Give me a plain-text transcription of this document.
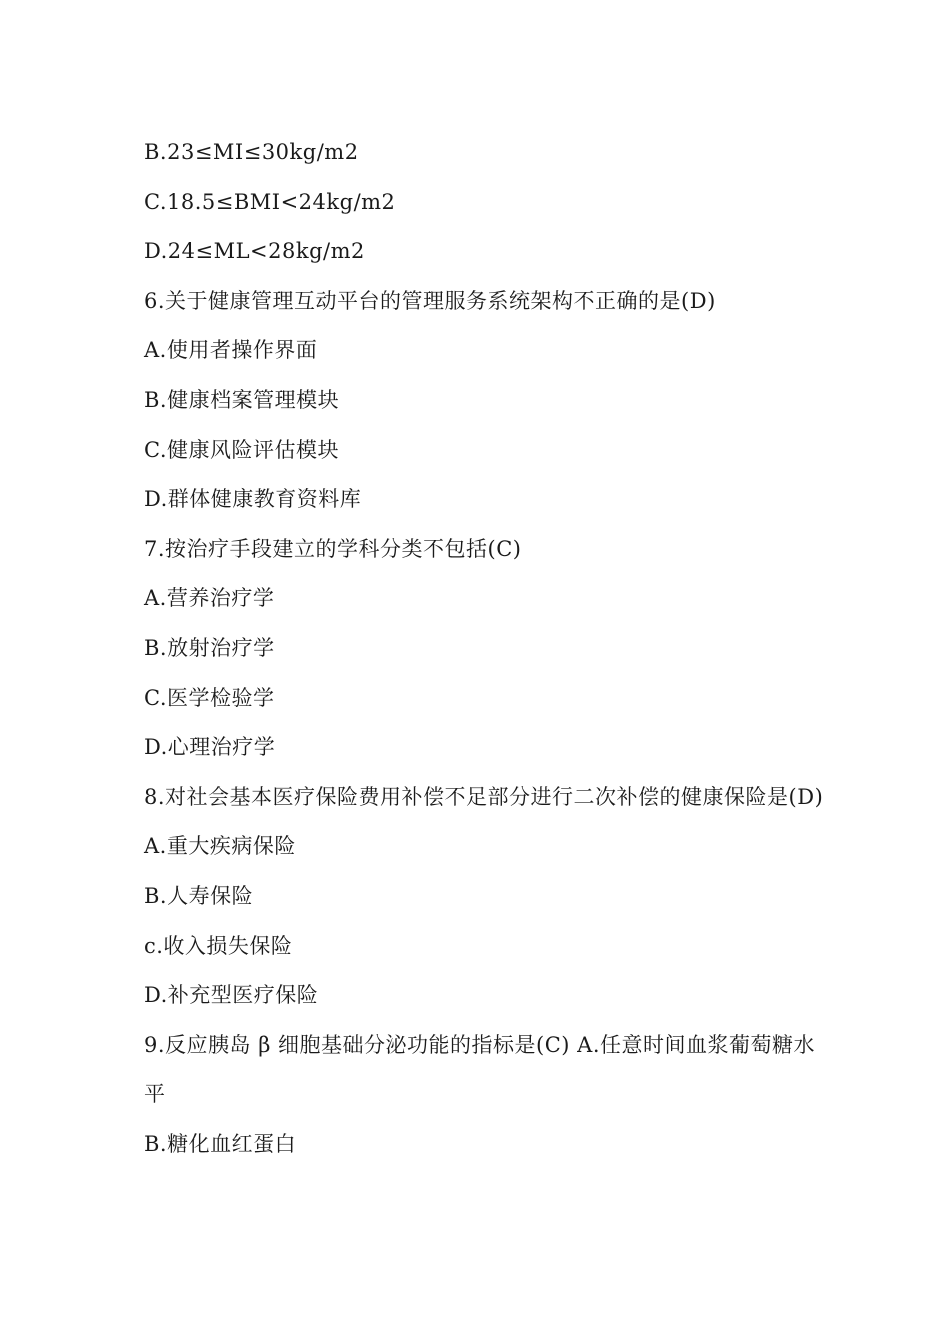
B.23≤MI≤30kg/m2
C.18.5≤BMI<24kg/m2
D.24≤ML<28kg/m2
6.关于健康管理互动平台的管理服务系统架构不正确的是(D)
A.使用者操作界面
B.健康档案管理模块
C.健康风险评估模块
D.群体健康教育资料库
7.按治疗手段建立的学科分类不包括(C)
A.营养治疗学
B.放射治疗学
C.医学检验学
D.心理治疗学
8.对社会基本医疗保险费用补偿不足部分进行二次补偿的健康保险是(D)
A.重大疾病保险
B.人寿保险
c.收入损失保险
D.补充型医疗保险
9.反应胰岛 β 细胞基础分泌功能的指标是(C) A.任意时间血浆葡萄糖水平
B.糖化血红蛋白
